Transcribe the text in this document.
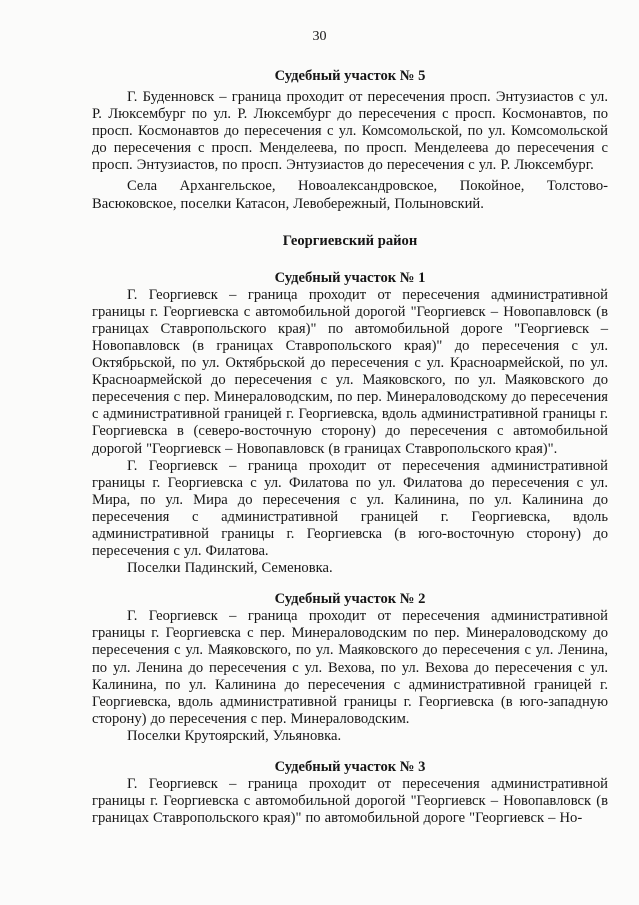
30

Судебный участок № 5

Г. Буденновск – граница проходит от пересечения просп. Энтузиастов с ул. Р. Люксембург по ул. Р. Люксембург до пересечения с просп. Космонавтов, по просп. Космонавтов до пересечения с ул. Комсомольской, по ул. Комсомольской до пересечения с просп. Менделеева, по просп. Менделеева до пересечения с просп. Энтузиастов, по просп. Энтузиастов до пересечения с ул. Р. Люксембург.

Села Архангельское, Новоалександровское, Покойное, Толстово-Васюковское, поселки Катасон, Левобережный, Полыновский.

Георгиевский район

Судебный участок № 1

Г. Георгиевск – граница проходит от пересечения административной границы г. Георгиевска с автомобильной дорогой "Георгиевск – Новопавловск (в границах Ставропольского края)" по автомобильной дороге "Георгиевск – Новопавловск (в границах Ставропольского края)" до пересечения с ул. Октябрьской, по ул. Октябрьской до пересечения с ул. Красноармейской, по ул. Красноармейской до пересечения с ул. Маяковского, по ул. Маяковского до пересечения с пер. Минераловодским, по пер. Минераловодскому до пересечения с административной границей г. Георгиевска, вдоль административной границы г. Георгиевска в (северо-восточную сторону) до пересечения с автомобильной дорогой "Георгиевск – Новопавловск (в границах Ставропольского края)".

Г. Георгиевск – граница проходит от пересечения административной границы г. Георгиевска с ул. Филатова по ул. Филатова до пересечения с ул. Мира, по ул. Мира до пересечения с ул. Калинина, по ул. Калинина до пересечения с административной границей г. Георгиевска, вдоль административной границы г. Георгиевска (в юго-восточную сторону) до пересечения с ул. Филатова.

Поселки Падинский, Семеновка.

Судебный участок № 2

Г. Георгиевск – граница проходит от пересечения административной границы г. Георгиевска с пер. Минераловодским по пер. Минераловодскому до пересечения с ул. Маяковского, по ул. Маяковского до пересечения с ул. Ленина, по ул. Ленина до пересечения с ул. Вехова, по ул. Вехова до пересечения с ул. Калинина, по ул. Калинина до пересечения с административной границей г. Георгиевска, вдоль административной границы г. Георгиевска (в юго-западную сторону) до пересечения с пер. Минераловодским.

Поселки Крутоярский, Ульяновка.

Судебный участок № 3

Г. Георгиевск – граница проходит от пересечения административной границы г. Георгиевска с автомобильной дорогой "Георгиевск – Новопавловск (в границах Ставропольского края)" по автомобильной дороге "Георгиевск – Но-
